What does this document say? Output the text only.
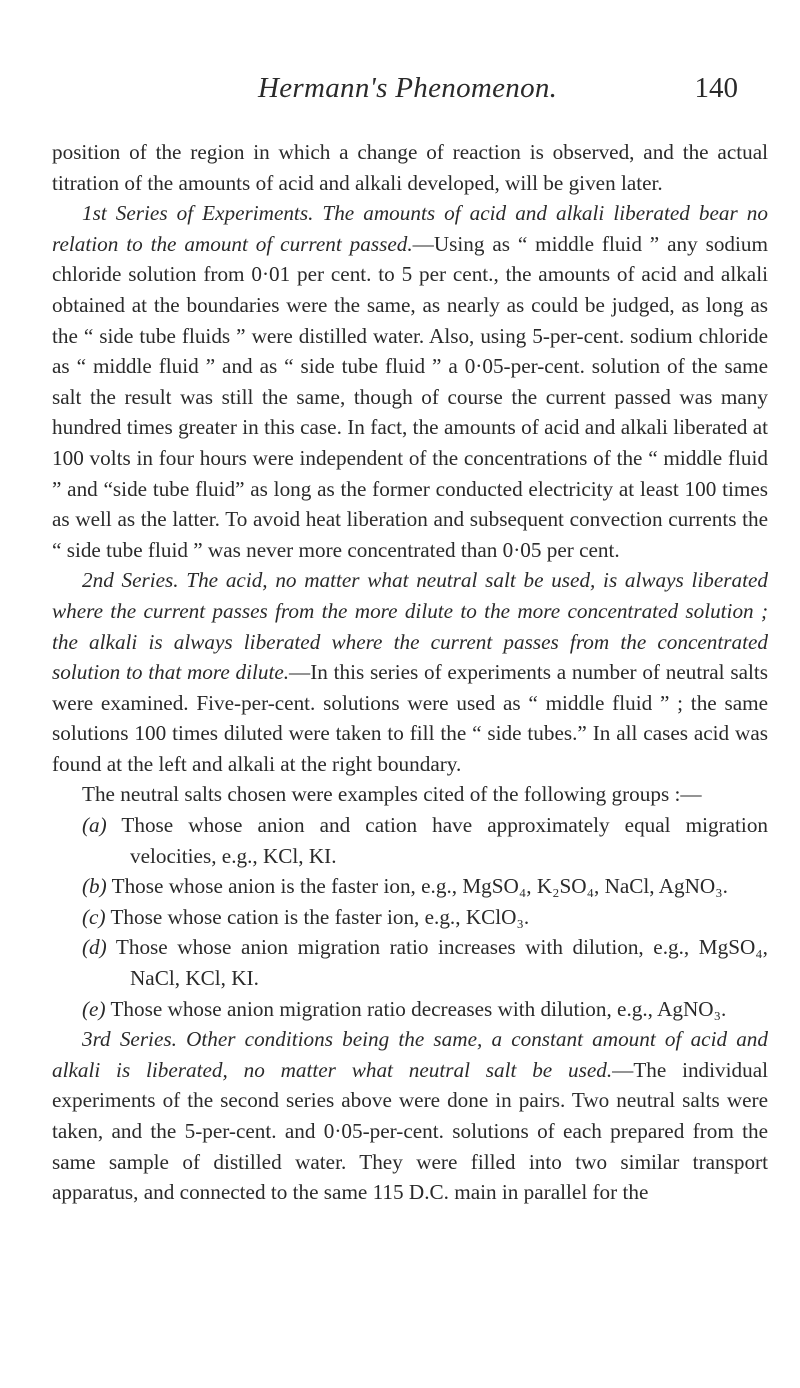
Hermann's Phenomenon.	140

position of the region in which a change of reaction is observed, and the actual titration of the amounts of acid and alkali developed, will be given later.

1st Series of Experiments. The amounts of acid and alkali liberated bear no relation to the amount of current passed.—Using as “ middle fluid ” any sodium chloride solution from 0·01 per cent. to 5 per cent., the amounts of acid and alkali obtained at the boundaries were the same, as nearly as could be judged, as long as the “ side tube fluids ” were distilled water. Also, using 5-per-cent. sodium chloride as “ middle fluid ” and as “ side tube fluid ” a 0·05-per-cent. solution of the same salt the result was still the same, though of course the current passed was many hundred times greater in this case. In fact, the amounts of acid and alkali liberated at 100 volts in four hours were independent of the concentrations of the “ middle fluid ” and “side tube fluid” as long as the former conducted electricity at least 100 times as well as the latter. To avoid heat liberation and subsequent convection currents the “ side tube fluid ” was never more concentrated than 0·05 per cent.

2nd Series. The acid, no matter what neutral salt be used, is always liberated where the current passes from the more dilute to the more concentrated solution ; the alkali is always liberated where the current passes from the concentrated solution to that more dilute.—In this series of experiments a number of neutral salts were examined. Five-per-cent. solutions were used as “ middle fluid ” ; the same solutions 100 times diluted were taken to fill the “ side tubes.” In all cases acid was found at the left and alkali at the right boundary.

The neutral salts chosen were examples cited of the following groups :—

(a) Those whose anion and cation have approximately equal migration velocities, e.g., KCl, KI.
(b) Those whose anion is the faster ion, e.g., MgSO₄, K₂SO₄, NaCl, AgNO₃.
(c) Those whose cation is the faster ion, e.g., KClO₃.
(d) Those whose anion migration ratio increases with dilution, e.g., MgSO₄, NaCl, KCl, KI.
(e) Those whose anion migration ratio decreases with dilution, e.g., AgNO₃.

3rd Series. Other conditions being the same, a constant amount of acid and alkali is liberated, no matter what neutral salt be used.—The individual experiments of the second series above were done in pairs. Two neutral salts were taken, and the 5-per-cent. and 0·05-per-cent. solutions of each prepared from the same sample of distilled water. They were filled into two similar transport apparatus, and connected to the same 115 D.C. main in parallel for the
